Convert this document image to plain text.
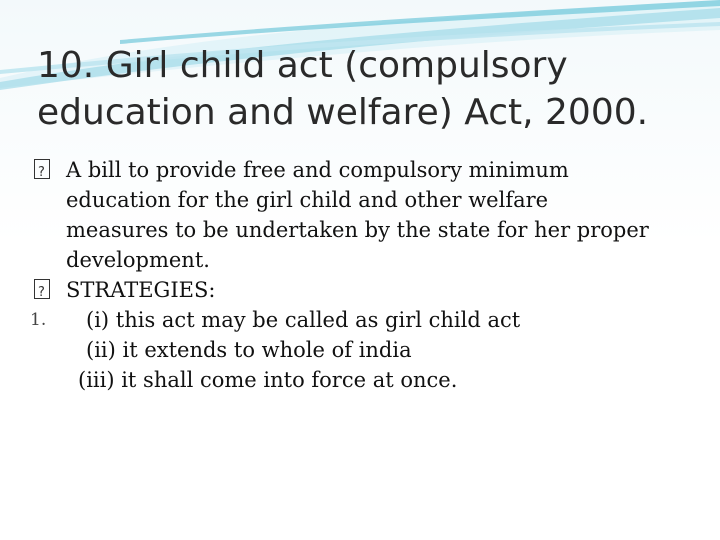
10. Girl child act (compulsory
education and welfare) Act, 2000.

?
A bill to provide free and compulsory minimum
education for the girl child and other welfare
measures to be undertaken by the state for her proper
development.

?
STRATEGIES:

1.	(i) this act may be called as girl child act

(ii) it extends to whole of india

(iii) it shall come into force at once.
